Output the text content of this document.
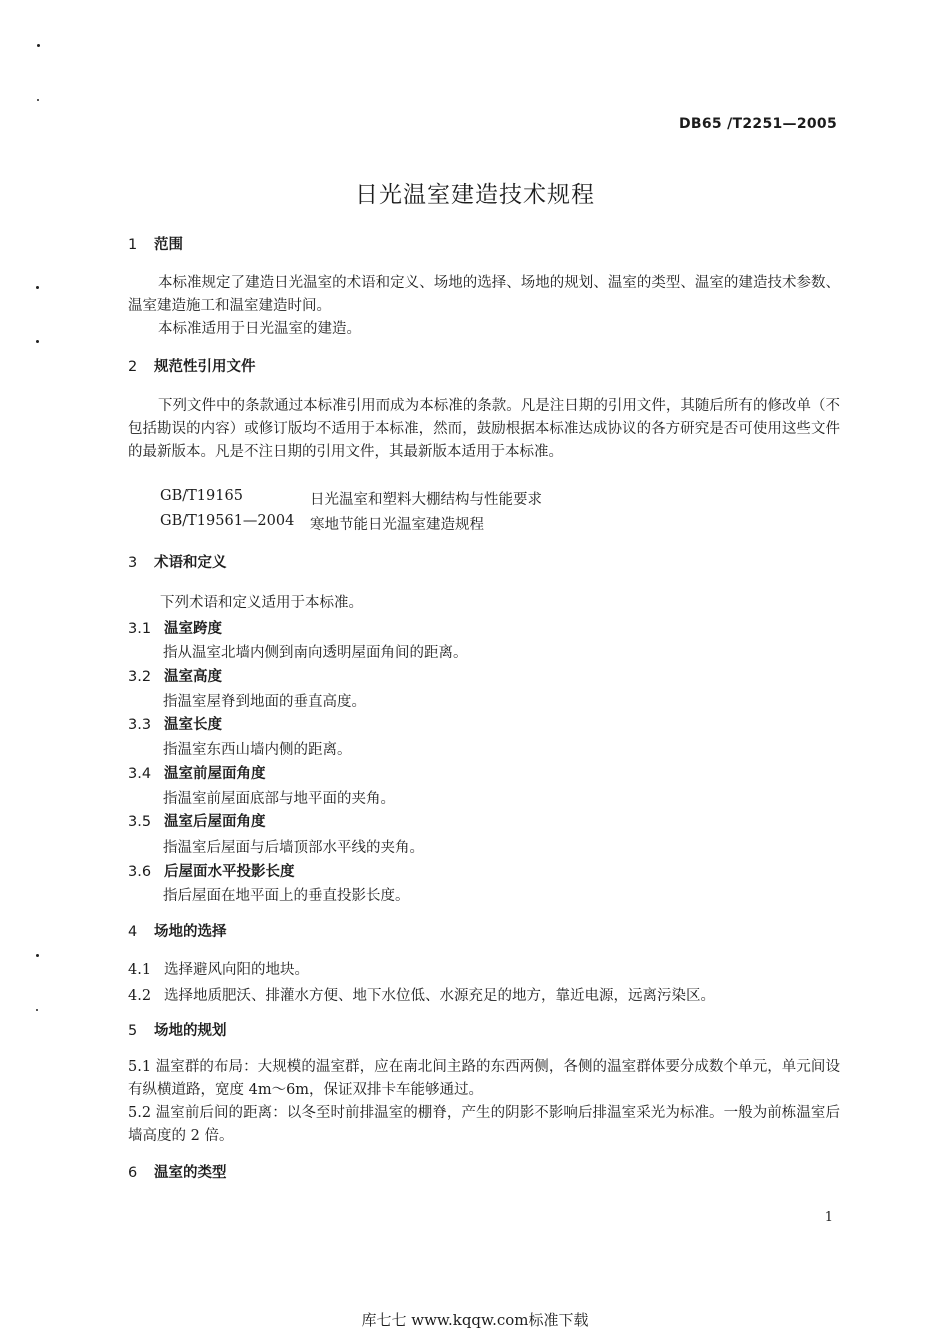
DB65 /T2251—2005
日光温室建造技术规程
1 范围
本标准规定了建造日光温室的术语和定义、场地的选择、场地的规划、温室的类型、温室的建造技术参数、温室建造施工和温室建造时间。
本标准适用于日光温室的建造。
2 规范性引用文件
下列文件中的条款通过本标准引用而成为本标准的条款。凡是注日期的引用文件，其随后所有的修改单（不包括勘误的内容）或修订版均不适用于本标准，然而，鼓励根据本标准达成协议的各方研究是否可使用这些文件的最新版本。凡是不注日期的引用文件，其最新版本适用于本标准。
GB/T19165	日光温室和塑料大棚结构与性能要求
GB/T19561—2004 寒地节能日光温室建造规程
3 术语和定义
下列术语和定义适用于本标准。
3.1 温室跨度
指从温室北墙内侧到南向透明屋面角间的距离。
3.2 温室高度
指温室屋脊到地面的垂直高度。
3.3 温室长度
指温室东西山墙内侧的距离。
3.4 温室前屋面角度
指温室前屋面底部与地平面的夹角。
3.5 温室后屋面角度
指温室后屋面与后墙顶部水平线的夹角。
3.6 后屋面水平投影长度
指后屋面在地平面上的垂直投影长度。
4 场地的选择
4.1 选择避风向阳的地块。
4.2 选择地质肥沃、排灌水方便、地下水位低、水源充足的地方，靠近电源，远离污染区。
5 场地的规划
5.1 温室群的布局：大规模的温室群，应在南北间主路的东西两侧，各侧的温室群体要分成数个单元，单元间设有纵横道路，宽度 4m～6m，保证双排卡车能够通过。
5.2 温室前后间的距离：以冬至时前排温室的棚脊，产生的阴影不影响后排温室采光为标准。一般为前栋温室后墙高度的 2 倍。
6 温室的类型
1
库七七 www.kqqw.com标准下载
